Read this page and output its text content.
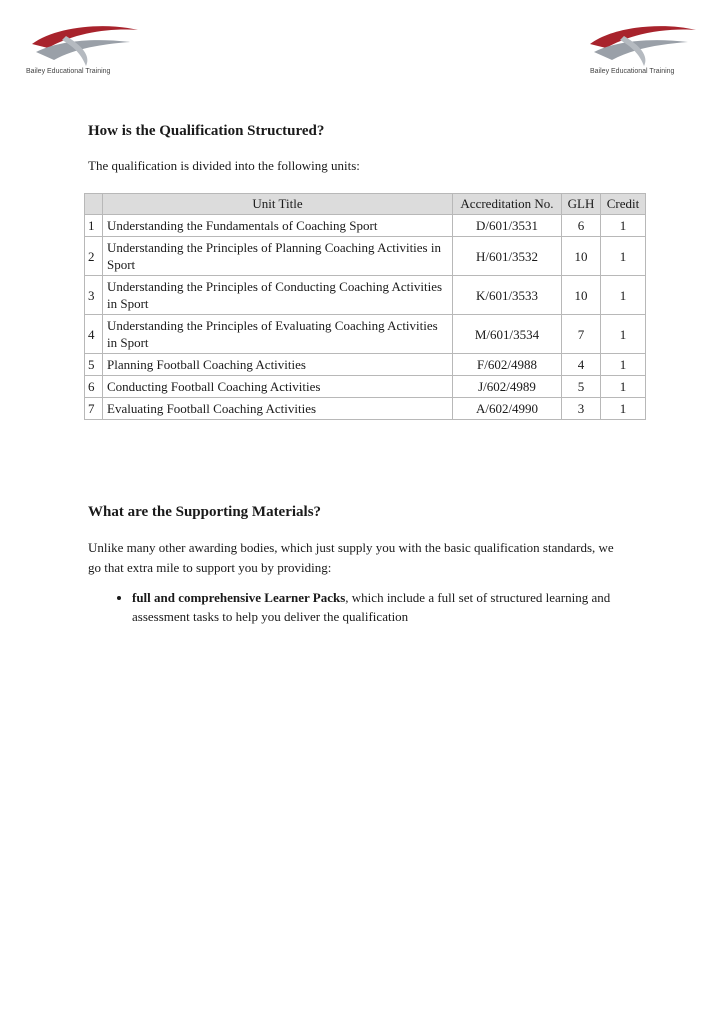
Bailey Educational Training	Bailey Educational Training
How is the Qualification Structured?

The qualification is divided into the following units:

	Unit Title	Accreditation No.	GLH	Credit
1	Understanding the Fundamentals of Coaching Sport	D/601/3531	6	1
2	Understanding the Principles of Planning Coaching Activities in Sport	H/601/3532	10	1
3	Understanding the Principles of Conducting Coaching Activities in Sport	K/601/3533	10	1
4	Understanding the Principles of Evaluating Coaching Activities in Sport	M/601/3534	7	1
5	Planning Football Coaching Activities	F/602/4988	4	1
6	Conducting Football Coaching Activities	J/602/4989	5	1
7	Evaluating Football Coaching Activities	A/602/4990	3	1
What are the Supporting Materials?

Unlike many other awarding bodies, which just supply you with the basic qualification standards, we go that extra mile to support you by providing:

• full and comprehensive Learner Packs, which include a full set of structured learning and assessment tasks to help you deliver the qualification
